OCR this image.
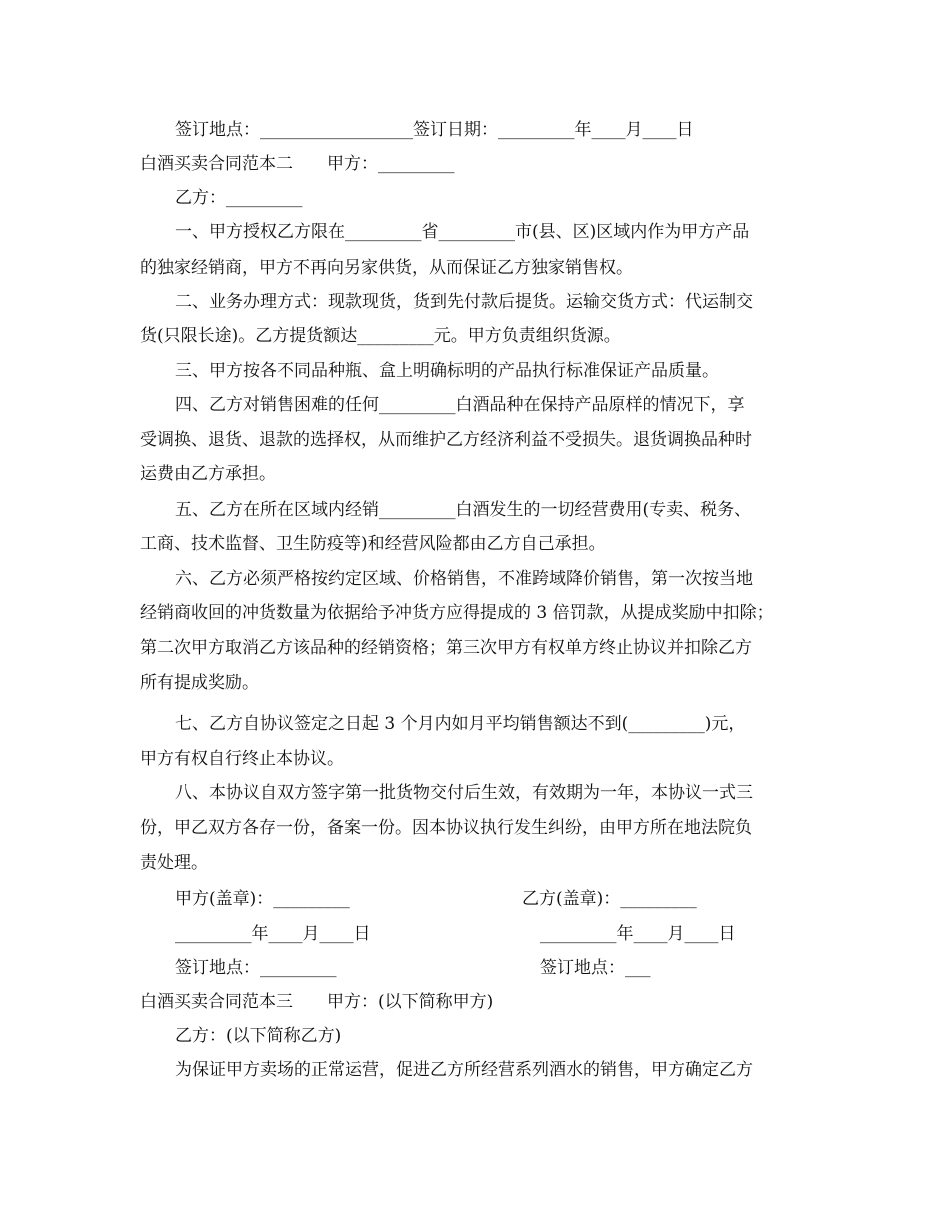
签订地点：__________________签订日期：_________年____月____日
白酒买卖合同范本二　　甲方：_________
乙方：_________
一、甲方授权乙方限在_________省_________市(县、区)区域内作为甲方产品
的独家经销商，甲方不再向另家供货，从而保证乙方独家销售权。
二、业务办理方式：现款现货，货到先付款后提货。运输交货方式：代运制交
货(只限长途)。乙方提货额达_________元。甲方负责组织货源。
三、甲方按各不同品种瓶、盒上明确标明的产品执行标准保证产品质量。
四、乙方对销售困难的任何_________白酒品种在保持产品原样的情况下，享
受调换、退货、退款的选择权，从而维护乙方经济利益不受损失。退货调换品种时
运费由乙方承担。
五、乙方在所在区域内经销_________白酒发生的一切经营费用(专卖、税务、
工商、技术监督、卫生防疫等)和经营风险都由乙方自己承担。
六、乙方必须严格按约定区域、价格销售，不准跨域降价销售，第一次按当地
经销商收回的冲货数量为依据给予冲货方应得提成的 3 倍罚款，从提成奖励中扣除；
第二次甲方取消乙方该品种的经销资格；第三次甲方有权单方终止协议并扣除乙方
所有提成奖励。
七、乙方自协议签定之日起 3 个月内如月平均销售额达不到(_________)元，
甲方有权自行终止本协议。
八、本协议自双方签字第一批货物交付后生效，有效期为一年，本协议一式三
份，甲乙双方各存一份，备案一份。因本协议执行发生纠纷，由甲方所在地法院负
责处理。
甲方(盖章)：_________	乙方(盖章)：_________
_________年____月____日	_________年____月____日
签订地点：_________	签订地点：___
白酒买卖合同范本三　　甲方：(以下简称甲方)
乙方：(以下简称乙方)
为保证甲方卖场的正常运营，促进乙方所经营系列酒水的销售，甲方确定乙方
